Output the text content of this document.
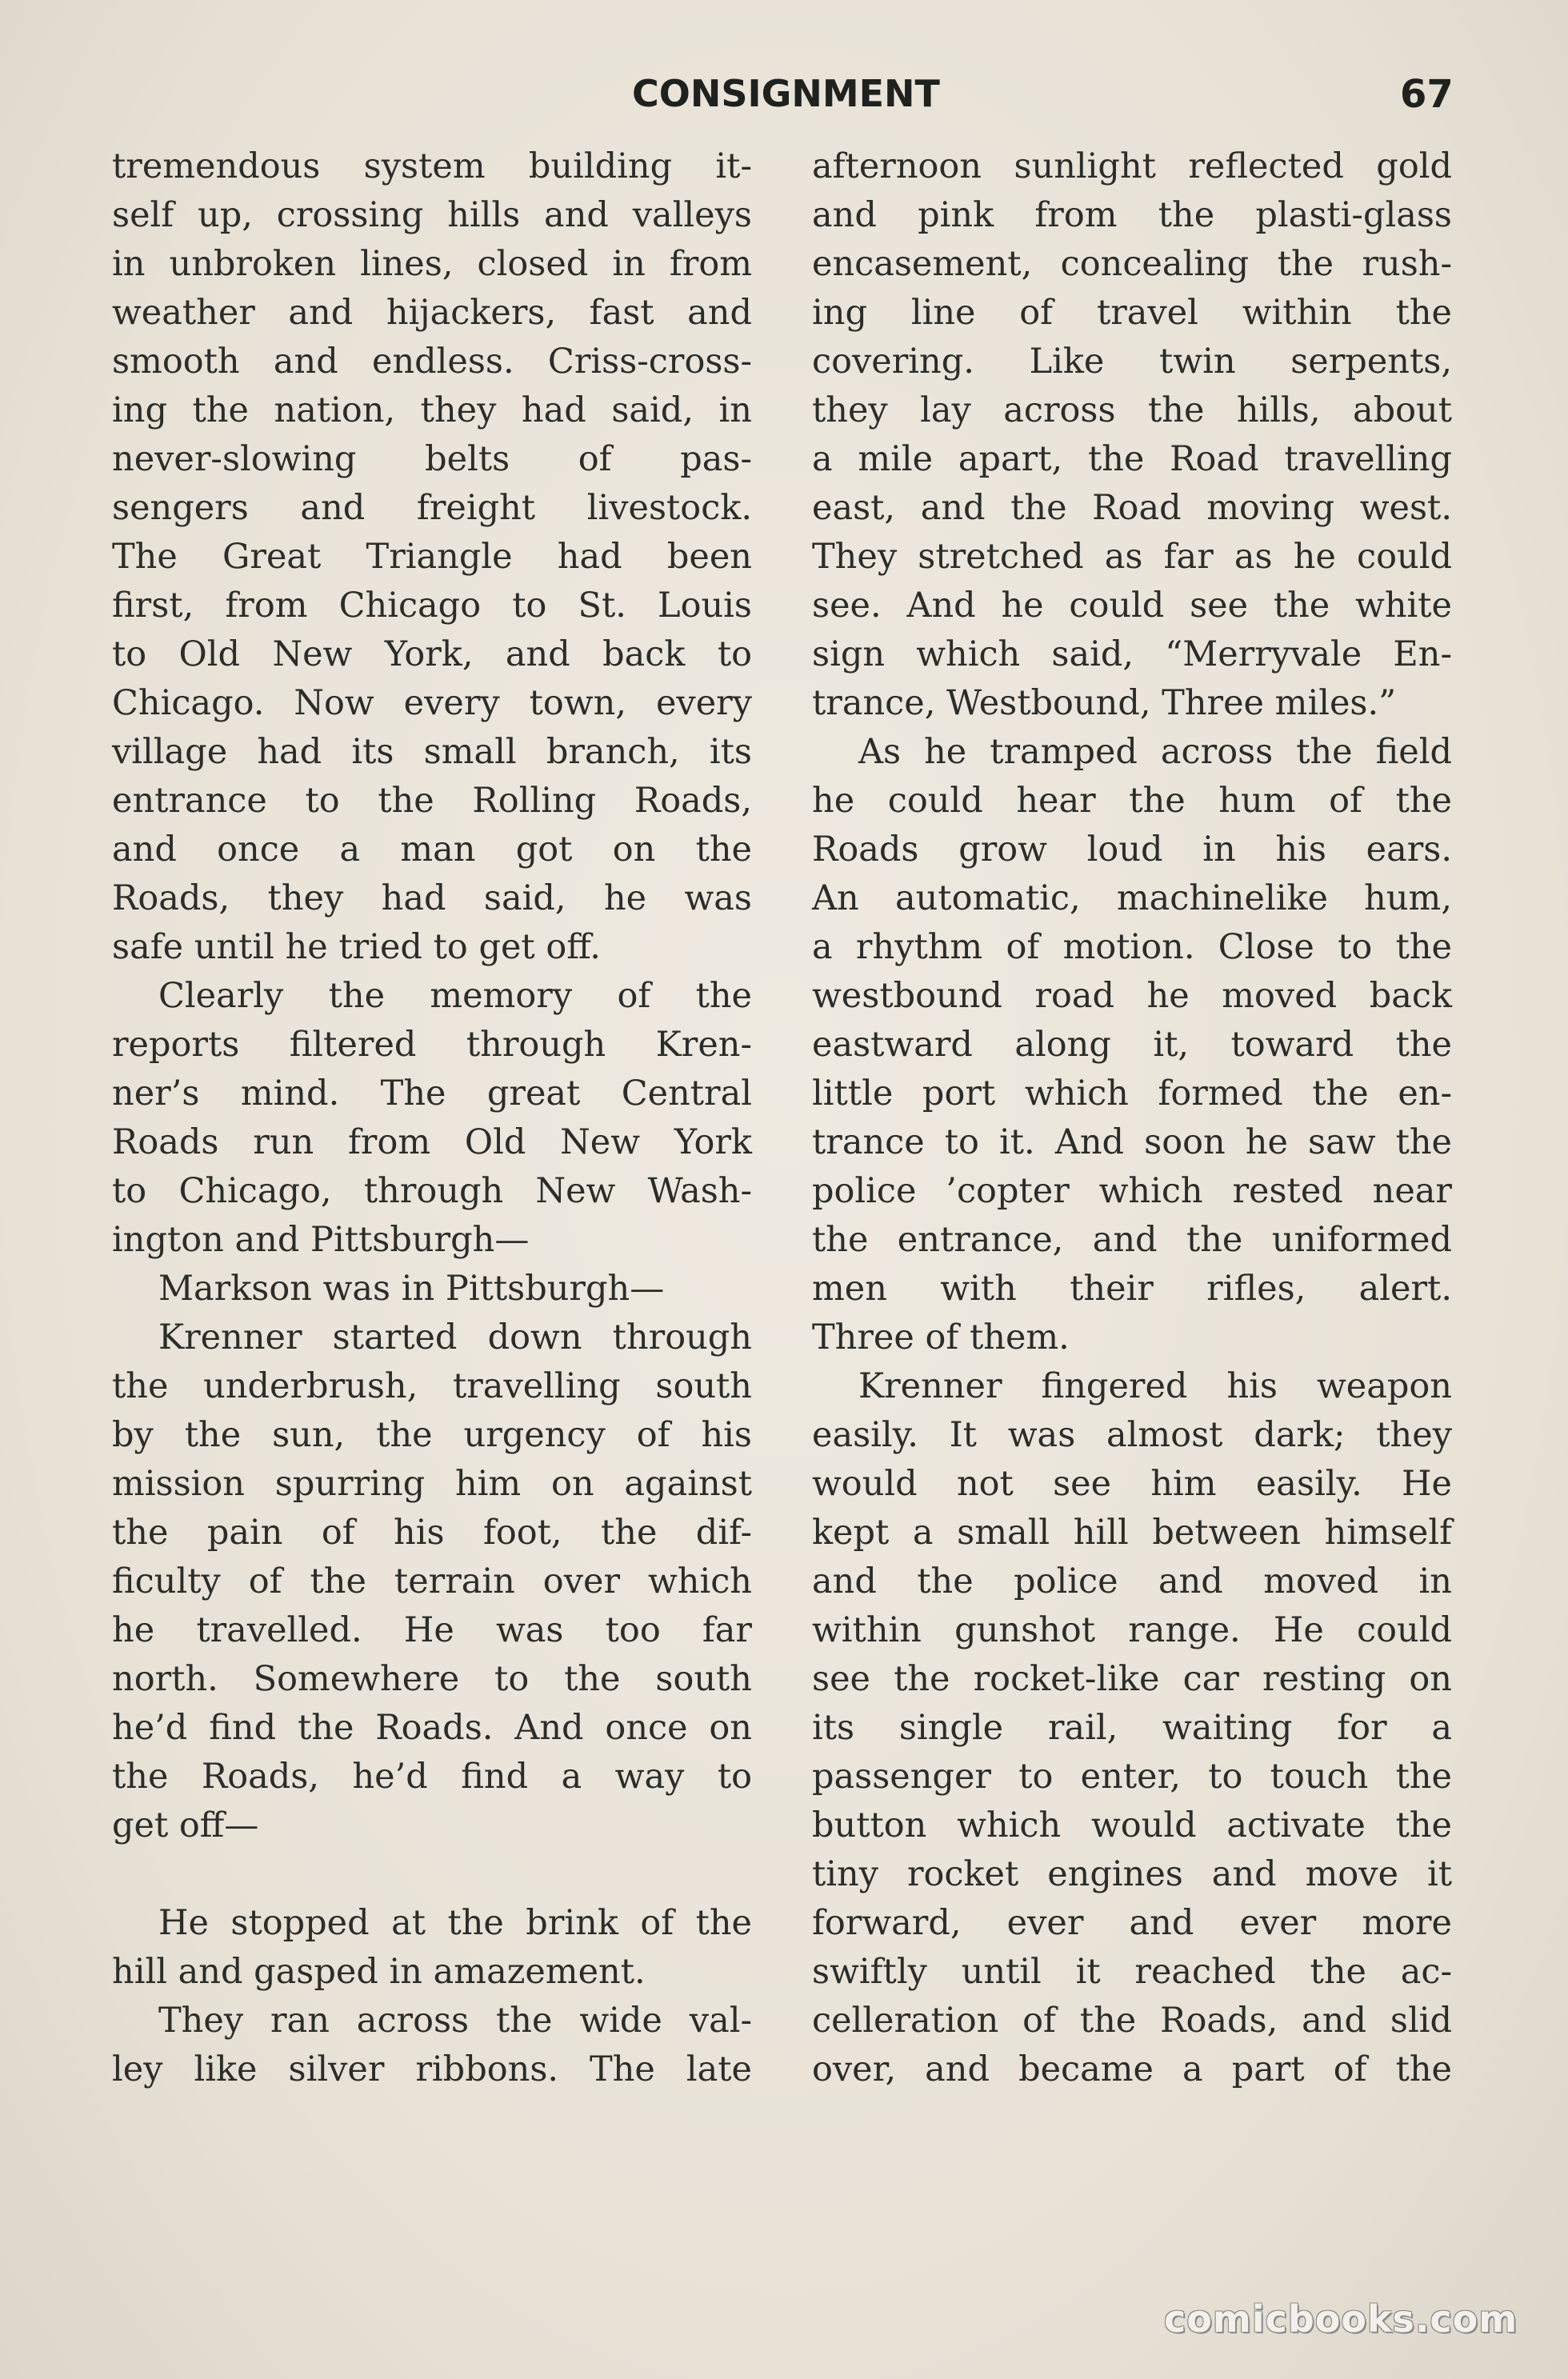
CONSIGNMENT	67
tremendous system building it-
self up, crossing hills and valleys
in unbroken lines, closed in from
weather and hijackers, fast and
smooth and endless. Criss-cross-
ing the nation, they had said, in
never-slowing belts of pas-
sengers and freight livestock.
The Great Triangle had been
first, from Chicago to St. Louis
to Old New York, and back to
Chicago. Now every town, every
village had its small branch, its
entrance to the Rolling Roads,
and once a man got on the
Roads, they had said, he was
safe until he tried to get off.
Clearly the memory of the
reports filtered through Kren-
ner’s mind. The great Central
Roads run from Old New York
to Chicago, through New Wash-
ington and Pittsburgh—
Markson was in Pittsburgh—
Krenner started down through
the underbrush, travelling south
by the sun, the urgency of his
mission spurring him on against
the pain of his foot, the dif-
ficulty of the terrain over which
he travelled. He was too far
north. Somewhere to the south
he’d find the Roads. And once on
the Roads, he’d find a way to
get off—
He stopped at the brink of the
hill and gasped in amazement.
They ran across the wide val-
ley like silver ribbons. The late
afternoon sunlight reflected gold
and pink from the plasti-glass
encasement, concealing the rush-
ing line of travel within the
covering. Like twin serpents,
they lay across the hills, about
a mile apart, the Road travelling
east, and the Road moving west.
They stretched as far as he could
see. And he could see the white
sign which said, “Merryvale En-
trance, Westbound, Three miles.”
As he tramped across the field
he could hear the hum of the
Roads grow loud in his ears.
An automatic, machinelike hum,
a rhythm of motion. Close to the
westbound road he moved back
eastward along it, toward the
little port which formed the en-
trance to it. And soon he saw the
police ’copter which rested near
the entrance, and the uniformed
men with their rifles, alert.
Three of them.
Krenner fingered his weapon
easily. It was almost dark; they
would not see him easily. He
kept a small hill between himself
and the police and moved in
within gunshot range. He could
see the rocket-like car resting on
its single rail, waiting for a
passenger to enter, to touch the
button which would activate the
tiny rocket engines and move it
forward, ever and ever more
swiftly until it reached the ac-
celleration of the Roads, and slid
over, and became a part of the
comicbooks.com
